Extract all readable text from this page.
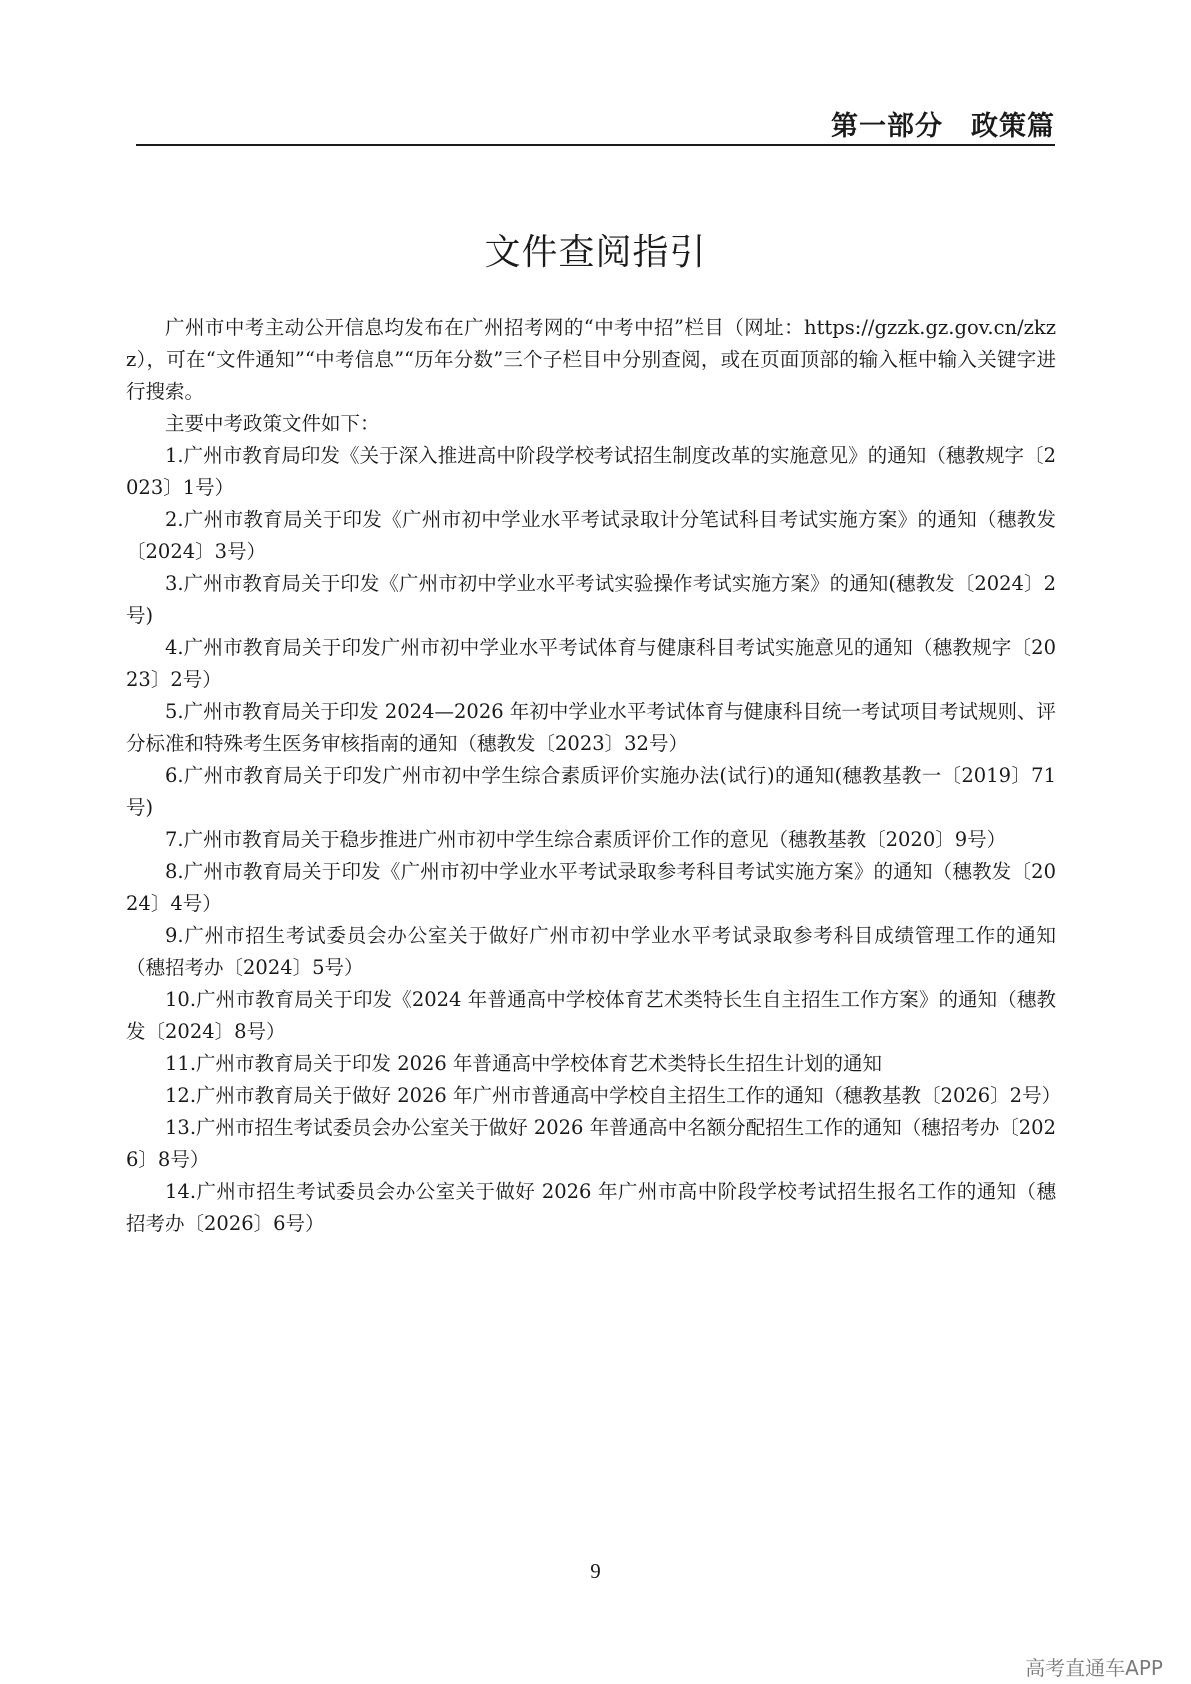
第一部分　政策篇
文件查阅指引

广州市中考主动公开信息均发布在广州招考网的“中考中招”栏目（网址：https://gzzk.gz.gov.cn/zkzz），可在“文件通知”“中考信息”“历年分数”三个子栏目中分别查阅，或在页面顶部的输入框中输入关键字进行搜索。

主要中考政策文件如下：

1.广州市教育局印发《关于深入推进高中阶段学校考试招生制度改革的实施意见》的通知（穗教规字〔2023〕1号）

2.广州市教育局关于印发《广州市初中学业水平考试录取计分笔试科目考试实施方案》的通知（穗教发〔2024〕3号）

3.广州市教育局关于印发《广州市初中学业水平考试实验操作考试实施方案》的通知(穗教发〔2024〕2号)

4.广州市教育局关于印发广州市初中学业水平考试体育与健康科目考试实施意见的通知（穗教规字〔2023〕2号）

5.广州市教育局关于印发 2024—2026 年初中学业水平考试体育与健康科目统一考试项目考试规则、评分标准和特殊考生医务审核指南的通知（穗教发〔2023〕32号）

6.广州市教育局关于印发广州市初中学生综合素质评价实施办法(试行)的通知(穗教基教一〔2019〕71号)

7.广州市教育局关于稳步推进广州市初中学生综合素质评价工作的意见（穗教基教〔2020〕9号）

8.广州市教育局关于印发《广州市初中学业水平考试录取参考科目考试实施方案》的通知（穗教发〔2024〕4号）

9.广州市招生考试委员会办公室关于做好广州市初中学业水平考试录取参考科目成绩管理工作的通知（穗招考办〔2024〕5号）

10.广州市教育局关于印发《2024 年普通高中学校体育艺术类特长生自主招生工作方案》的通知（穗教发〔2024〕8号）

11.广州市教育局关于印发 2026 年普通高中学校体育艺术类特长生招生计划的通知

12.广州市教育局关于做好 2026 年广州市普通高中学校自主招生工作的通知（穗教基教〔2026〕2号）

13.广州市招生考试委员会办公室关于做好 2026 年普通高中名额分配招生工作的通知（穗招考办〔2026〕8号）

14.广州市招生考试委员会办公室关于做好 2026 年广州市高中阶段学校考试招生报名工作的通知（穗招考办〔2026〕6号）

9
高考直通车APP
